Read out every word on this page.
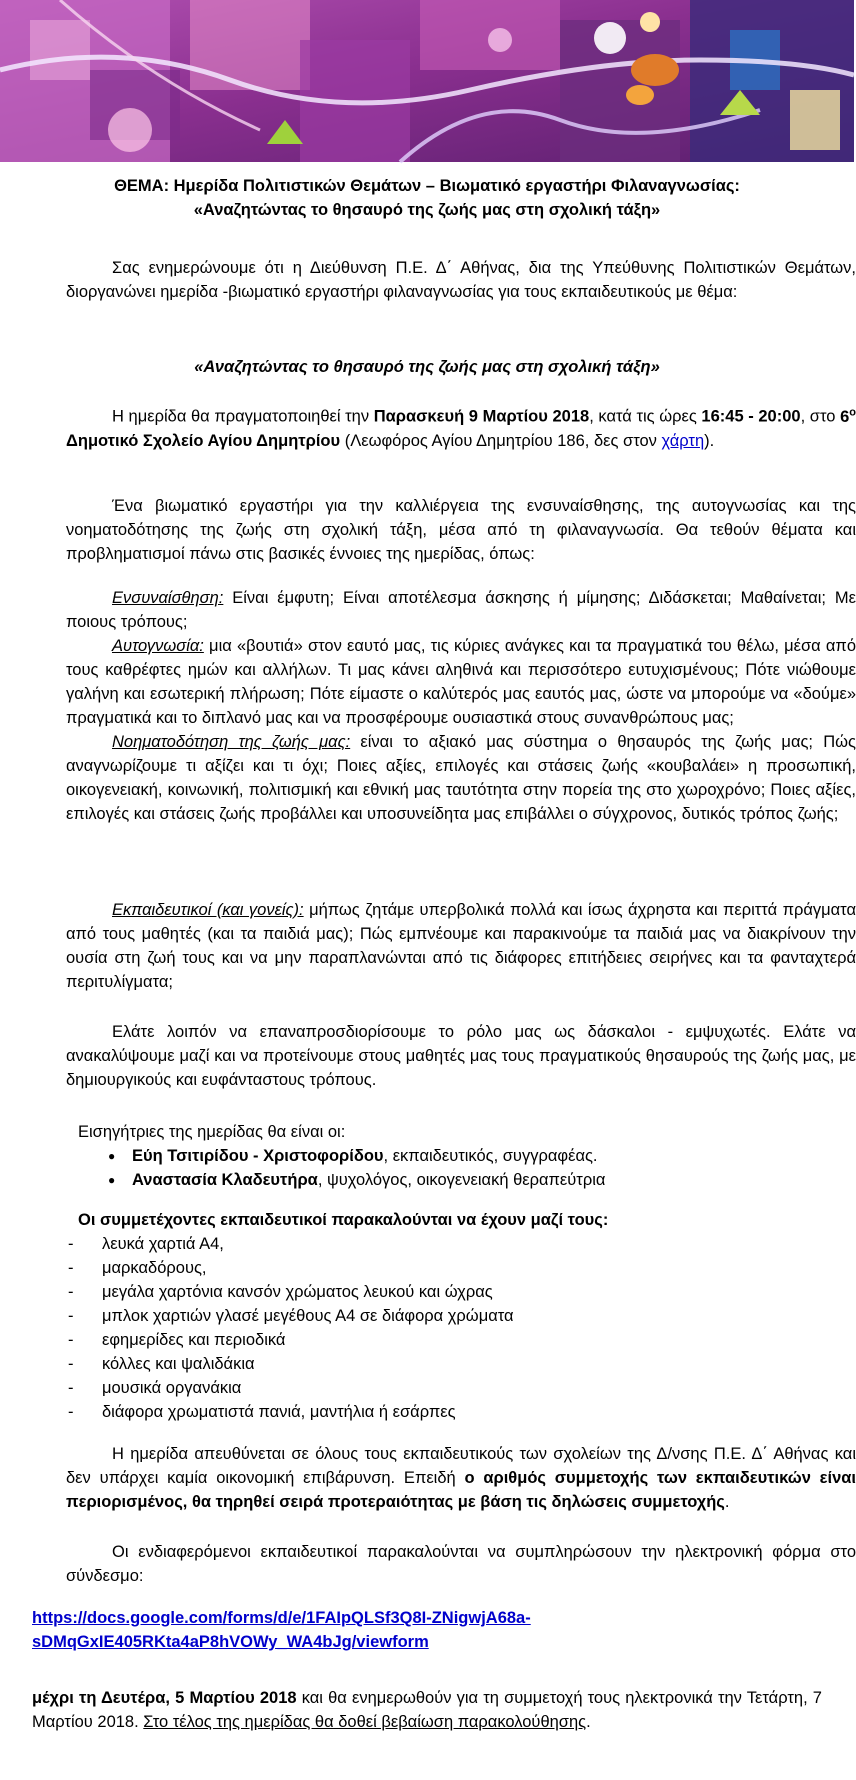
ΘΕΜΑ: Ημερίδα Πολιτιστικών Θεμάτων – Βιωματικό εργαστήρι Φιλαναγνωσίας:
«Αναζητώντας το θησαυρό της ζωής μας στη σχολική τάξη»
Σας ενημερώνουμε ότι η Διεύθυνση Π.Ε. Δ΄ Αθήνας, δια της Υπεύθυνης Πολιτιστικών Θεμάτων, διοργανώνει ημερίδα -βιωματικό εργαστήρι φιλαναγνωσίας για τους εκπαιδευτικούς με θέμα:
«Αναζητώντας το θησαυρό της ζωής μας στη σχολική τάξη»
Η ημερίδα θα πραγματοποιηθεί την Παρασκευή 9 Μαρτίου 2018, κατά τις ώρες 16:45 - 20:00, στο $6^o$ Δημοτικό Σχολείο Αγίου Δημητρίου (Λεωφόρος Αγίου Δημητρίου 186, δες στον χάρτη).
Ένα βιωματικό εργαστήρι για την καλλιέργεια της ενσυναίσθησης, της αυτογνωσίας και της νοηματοδότησης της ζωής στη σχολική τάξη, μέσα από τη φιλαναγνωσία. Θα τεθούν θέματα και προβληματισμοί πάνω στις βασικές έννοιες της ημερίδας, όπως:
Ενσυναίσθηση: Είναι έμφυτη; Είναι αποτέλεσμα άσκησης ή μίμησης; Διδάσκεται; Μαθαίνεται; Με ποιους τρόπους;
Αυτογνωσία: μια «βουτιά» στον εαυτό μας, τις κύριες ανάγκες και τα πραγματικά του θέλω, μέσα από τους καθρέφτες ημών και αλλήλων. Τι μας κάνει αληθινά και περισσότερο ευτυχισμένους; Πότε νιώθουμε γαλήνη και εσωτερική πλήρωση; Πότε είμαστε ο καλύτερός μας εαυτός μας, ώστε να μπορούμε να «δούμε» πραγματικά και το διπλανό μας και να προσφέρουμε ουσιαστικά στους συνανθρώπους μας;
Νοηματοδότηση της ζωής μας: είναι το αξιακό μας σύστημα ο θησαυρός της ζωής μας; Πώς αναγνωρίζουμε τι αξίζει και τι όχι; Ποιες αξίες, επιλογές και στάσεις ζωής «κουβαλάει» η προσωπική, οικογενειακή, κοινωνική, πολιτισμική και εθνική μας ταυτότητα στην πορεία της στο χωροχρόνο; Ποιες αξίες, επιλογές και στάσεις ζωής προβάλλει και υποσυνείδητα μας επιβάλλει ο σύγχρονος, δυτικός τρόπος ζωής;
Εκπαιδευτικοί (και γονείς): μήπως ζητάμε υπερβολικά πολλά και ίσως άχρηστα και περιττά πράγματα από τους μαθητές (και τα παιδιά μας); Πώς εμπνέουμε και παρακινούμε τα παιδιά μας να διακρίνουν την ουσία στη ζωή τους και να μην παραπλανώνται από τις διάφορες επιτήδειες σειρήνες και τα φανταχτερά περιτυλίγματα;
Ελάτε λοιπόν να επαναπροσδιορίσουμε το ρόλο μας ως δάσκαλοι - εμψυχωτές. Ελάτε να ανακαλύψουμε μαζί και να προτείνουμε στους μαθητές μας τους πραγματικούς θησαυρούς της ζωής μας, με δημιουργικούς και ευφάνταστους τρόπους.
Εισηγήτριες της ημερίδας θα είναι οι:
● Εύη Τσιτιρίδου - Χριστοφορίδου, εκπαιδευτικός, συγγραφέας.
● Αναστασία Κλαδευτήρα, ψυχολόγος, οικογενειακή θεραπεύτρια
Οι συμμετέχοντες εκπαιδευτικοί παρακαλούνται να έχουν μαζί τους:
- λευκά χαρτιά Α4,
- μαρκαδόρους,
- μεγάλα χαρτόνια κανσόν χρώματος λευκού και ώχρας
- μπλοκ χαρτιών γλασέ μεγέθους Α4 σε διάφορα χρώματα
- εφημερίδες και περιοδικά
- κόλλες και ψαλιδάκια
- μουσικά οργανάκια
- διάφορα χρωματιστά πανιά, μαντήλια ή εσάρπες
Η ημερίδα απευθύνεται σε όλους τους εκπαιδευτικούς των σχολείων της Δ/νσης Π.Ε. Δ΄ Αθήνας και δεν υπάρχει καμία οικονομική επιβάρυνση. Επειδή ο αριθμός συμμετοχής των εκπαιδευτικών είναι περιορισμένος, θα τηρηθεί σειρά προτεραιότητας με βάση τις δηλώσεις συμμετοχής.
Οι ενδιαφερόμενοι εκπαιδευτικοί παρακαλούνται να συμπληρώσουν την ηλεκτρονική φόρμα στο σύνδεσμο:
https://docs.google.com/forms/d/e/1FAIpQLSf3Q8I-ZNigwjA68a-
sDMqGxIE405RKta4aP8hVOWy_WA4bJg/viewform
μέχρι τη Δευτέρα, 5 Μαρτίου 2018 και θα ενημερωθούν για τη συμμετοχή τους ηλεκτρονικά την Τετάρτη, 7 Μαρτίου 2018. Στο τέλος της ημερίδας θα δοθεί βεβαίωση παρακολούθησης.
